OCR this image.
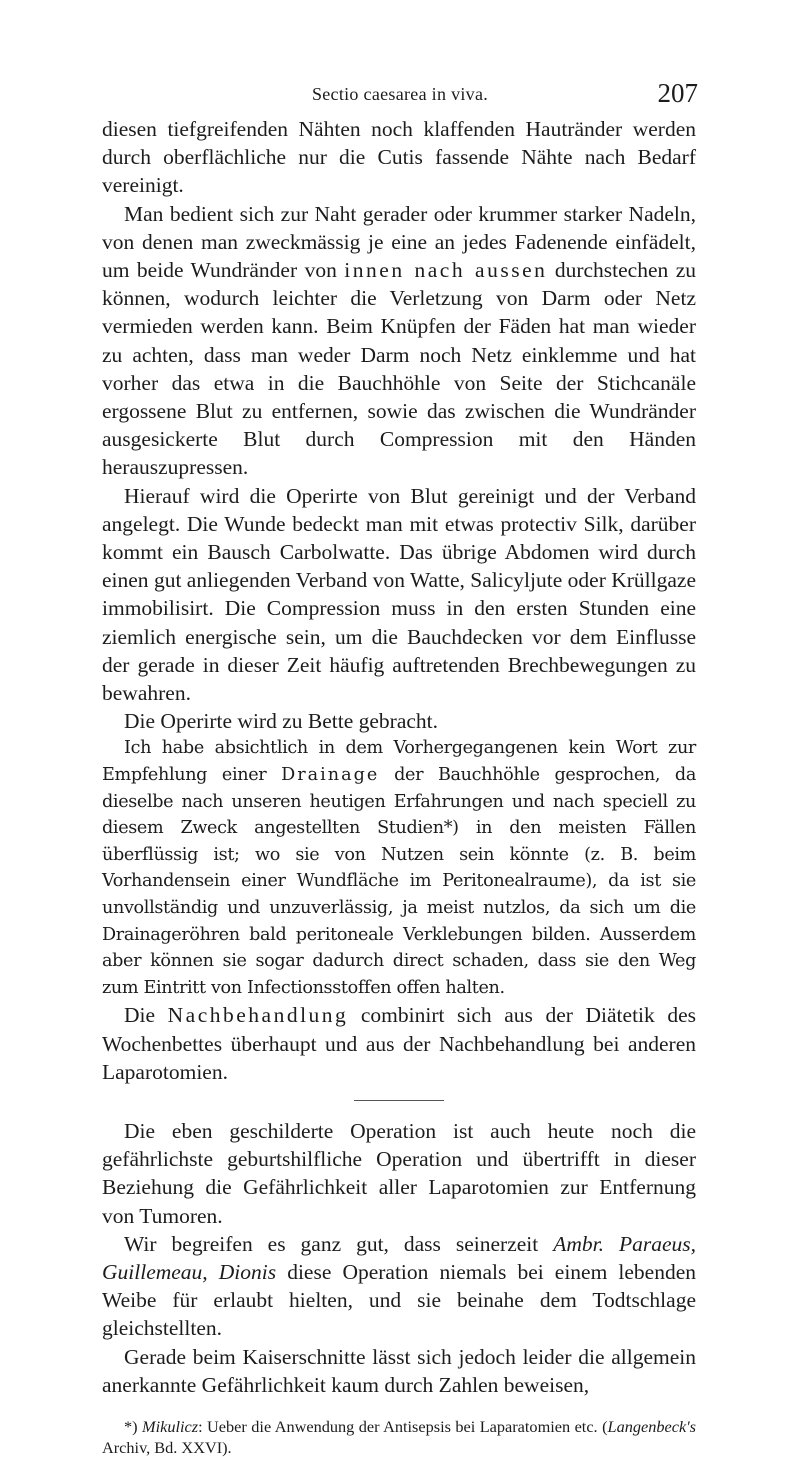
Sectio caesarea in viva.	207

diesen tiefgreifenden Nähten noch klaffenden Hautränder werden durch oberflächliche nur die Cutis fassende Nähte nach Bedarf vereinigt.

Man bedient sich zur Naht gerader oder krummer starker Nadeln, von denen man zweckmässig je eine an jedes Fadenende einfädelt, um beide Wundränder von innen nach aussen durchstechen zu können, wodurch leichter die Verletzung von Darm oder Netz vermieden werden kann. Beim Knüpfen der Fäden hat man wieder zu achten, dass man weder Darm noch Netz einklemme und hat vorher das etwa in die Bauchhöhle von Seite der Stichcanäle ergossene Blut zu entfernen, sowie das zwischen die Wundränder ausgesickerte Blut durch Compression mit den Händen herauszupressen.

Hierauf wird die Operirte von Blut gereinigt und der Verband angelegt. Die Wunde bedeckt man mit etwas protectiv Silk, darüber kommt ein Bausch Carbolwatte. Das übrige Abdomen wird durch einen gut anliegenden Verband von Watte, Salicyljute oder Krüllgaze immobilisirt. Die Compression muss in den ersten Stunden eine ziemlich energische sein, um die Bauchdecken vor dem Einflusse der gerade in dieser Zeit häufig auftretenden Brechbewegungen zu bewahren.

Die Operirte wird zu Bette gebracht.

Ich habe absichtlich in dem Vorhergegangenen kein Wort zur Empfehlung einer Drainage der Bauchhöhle gesprochen, da dieselbe nach unseren heutigen Erfahrungen und nach speciell zu diesem Zweck angestellten Studien*) in den meisten Fällen überflüssig ist; wo sie von Nutzen sein könnte (z. B. beim Vorhandensein einer Wundfläche im Peritonealraume), da ist sie unvollständig und unzuverlässig, ja meist nutzlos, da sich um die Drainageröhren bald peritoneale Verklebungen bilden. Ausserdem aber können sie sogar dadurch direct schaden, dass sie den Weg zum Eintritt von Infectionsstoffen offen halten.

Die Nachbehandlung combinirt sich aus der Diätetik des Wochenbettes überhaupt und aus der Nachbehandlung bei anderen Laparotomien.

Die eben geschilderte Operation ist auch heute noch die gefährlichste geburtshilfliche Operation und übertrifft in dieser Beziehung die Gefährlichkeit aller Laparotomien zur Entfernung von Tumoren.

Wir begreifen es ganz gut, dass seinerzeit Ambr. Paraeus, Guillemeau, Dionis diese Operation niemals bei einem lebenden Weibe für erlaubt hielten, und sie beinahe dem Todtschlage gleichstellten.

Gerade beim Kaiserschnitte lässt sich jedoch leider die allgemein anerkannte Gefährlichkeit kaum durch Zahlen beweisen,

*) Mikulicz: Ueber die Anwendung der Antisepsis bei Laparatomien etc. (Langenbeck's Archiv, Bd. XXVI).
